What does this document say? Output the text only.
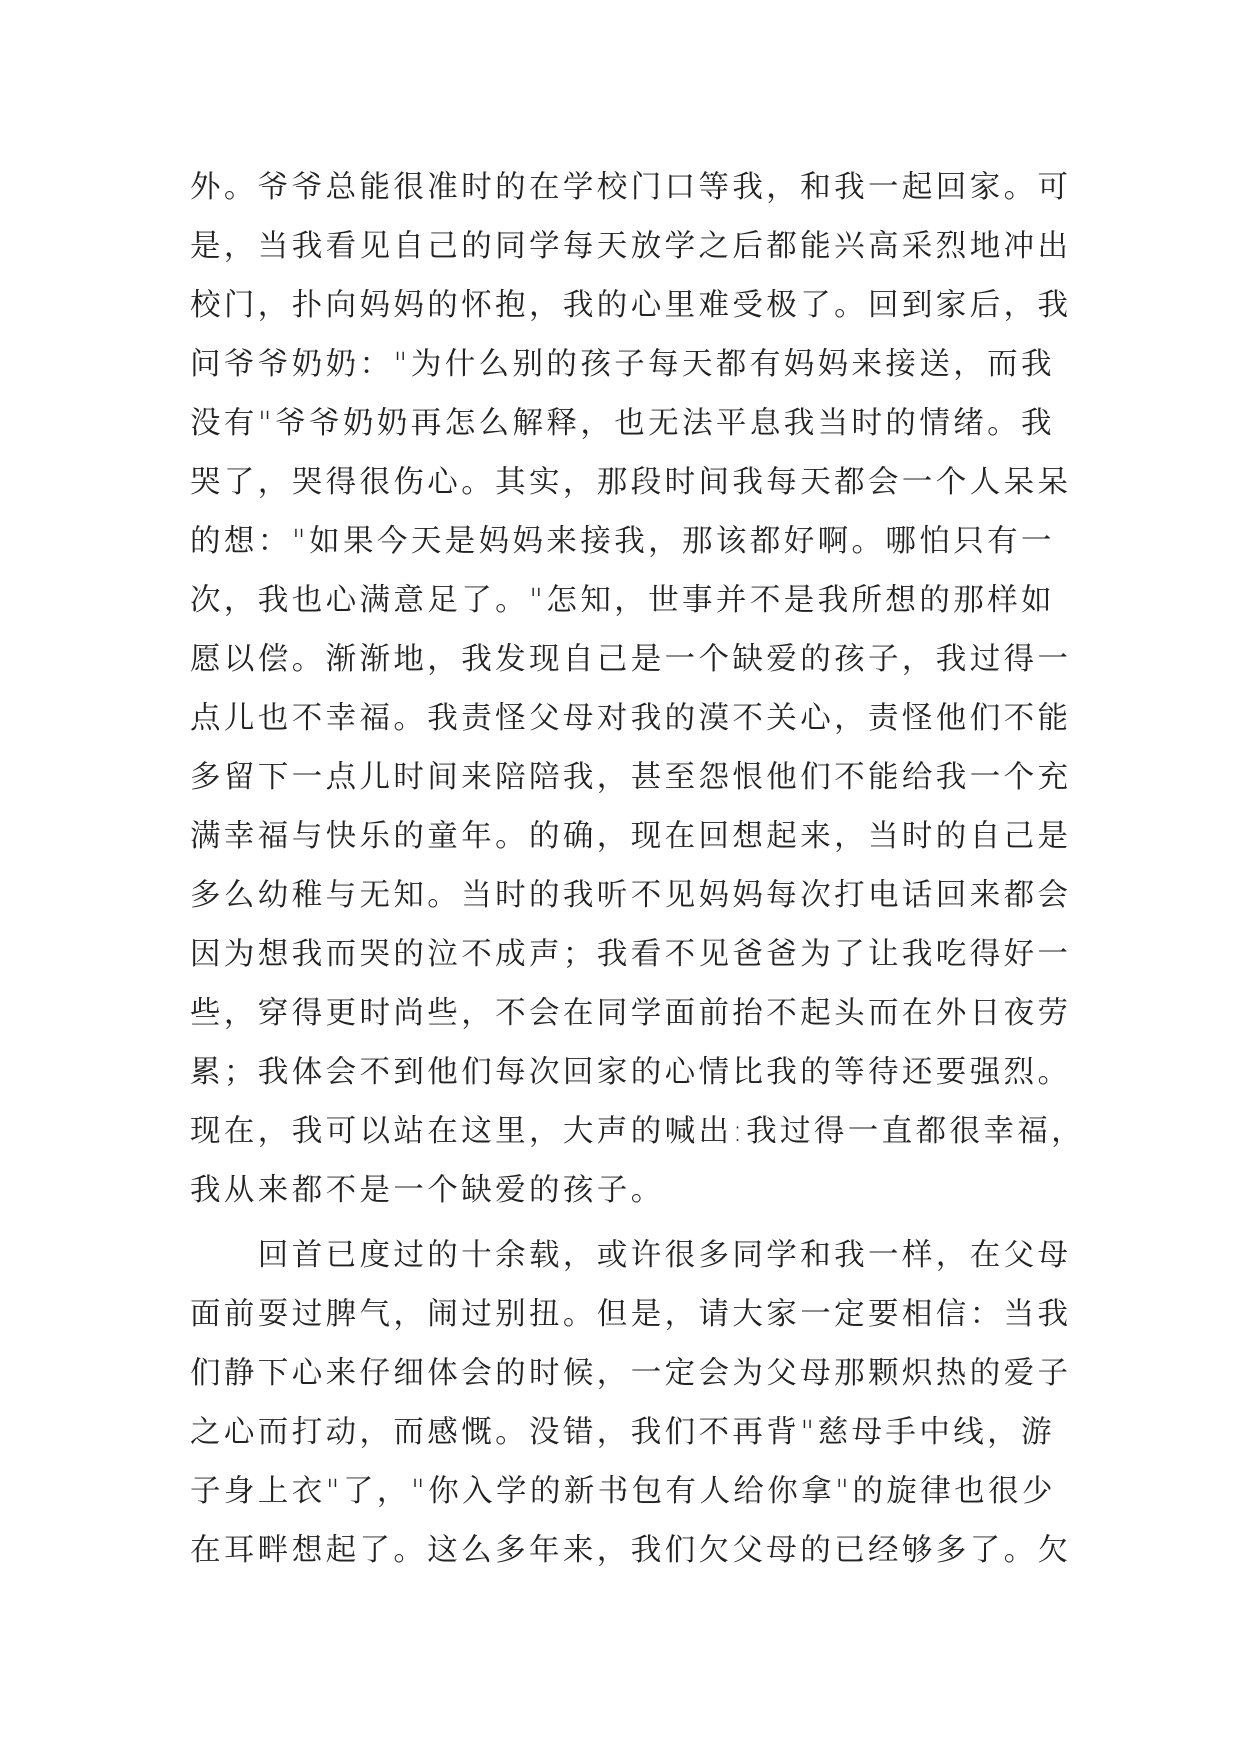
外。爷爷总能很准时的在学校门口等我，和我一起回家。可
是，当我看见自己的同学每天放学之后都能兴高采烈地冲出
校门，扑向妈妈的怀抱，我的心里难受极了。回到家后，我
问爷爷奶奶："为什么别的孩子每天都有妈妈来接送，而我
没有"爷爷奶奶再怎么解释，也无法平息我当时的情绪。我
哭了，哭得很伤心。其实，那段时间我每天都会一个人呆呆
的想："如果今天是妈妈来接我，那该都好啊。哪怕只有一
次，我也心满意足了。"怎知，世事并不是我所想的那样如
愿以偿。渐渐地，我发现自己是一个缺爱的孩子，我过得一
点儿也不幸福。我责怪父母对我的漠不关心，责怪他们不能
多留下一点儿时间来陪陪我，甚至怨恨他们不能给我一个充
满幸福与快乐的童年。的确，现在回想起来，当时的自己是
多么幼稚与无知。当时的我听不见妈妈每次打电话回来都会
因为想我而哭的泣不成声；我看不见爸爸为了让我吃得好一
些，穿得更时尚些，不会在同学面前抬不起头而在外日夜劳
累；我体会不到他们每次回家的心情比我的等待还要强烈。
现在，我可以站在这里，大声的喊出:我过得一直都很幸福，
我从来都不是一个缺爱的孩子。
　　回首已度过的十余载，或许很多同学和我一样，在父母
面前耍过脾气，闹过别扭。但是，请大家一定要相信：当我
们静下心来仔细体会的时候，一定会为父母那颗炽热的爱子
之心而打动，而感慨。没错，我们不再背"慈母手中线，游
子身上衣"了，"你入学的新书包有人给你拿"的旋律也很少
在耳畔想起了。这么多年来，我们欠父母的已经够多了。欠
